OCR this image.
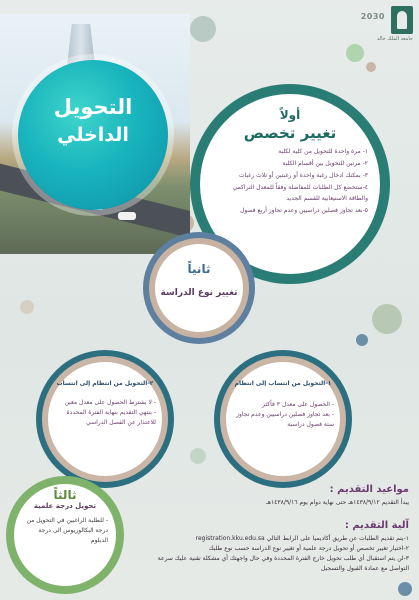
2030
جامعة الملك خالد
التحويل
الداخلي
أولاً
تغيير تخصص
١- مرة واحدة للتحويل من كلية لكلية
٢- مرتين للتحويل بين أقسام الكلية
٣- يمكنك ادخال رغبة واحدة أو رغبتين أو ثلاث رغبات
٤-ستخضع كل الطلبات للمفاضلة وفقاً للمعدل التراكمي والطاقة الاستيعابية للقسم الجديد
٥-بعد تجاوز فصلين دراسيين وعدم تجاوز أربع فصول
ثانياً
تغيير نوع الدراسة
٢-التحويل من انتظام إلى انتساب
- لا يشترط الحصول على معدل معين
- ينتهي التقديم بنهاية الفترة المحددة للاعتذار عن الفصل الدراسي
١-التحويل من انتساب إلى انتظام
- الحصول على معدل ٣ فأكثر
- بعد تجاوز فصلين دراسيين وعدم تجاوز ستة فصول دراسية
ثالثاً
تحويل درجة علمية
- للطلبة الراغبين في التحويل من درجة البكالوريوس الى درجة الدبلوم
مواعيد التقديم :
يبدأ التقديم ١٤٣٨/٩/١٢هـ حتى نهاية دوام يوم ١٤٣٨/٩/١٦هـ
آلية التقديم :
١-يتم تقديم الطلبات عن طريق أكاديميا على الرابط التالي registration.kku.edu.sa
٢-اختيار تغيير تخصص أو تحويل درجة علمية أو تغيير نوع الدراسة حسب نوع طلبك
٣-لن يتم استقبال أي طلب تحويل خارج الفترة المحددة وفي حال واجهتك أي مشكلة تقنية عليك سرعة التواصل مع عمادة القبول والتسجيل
